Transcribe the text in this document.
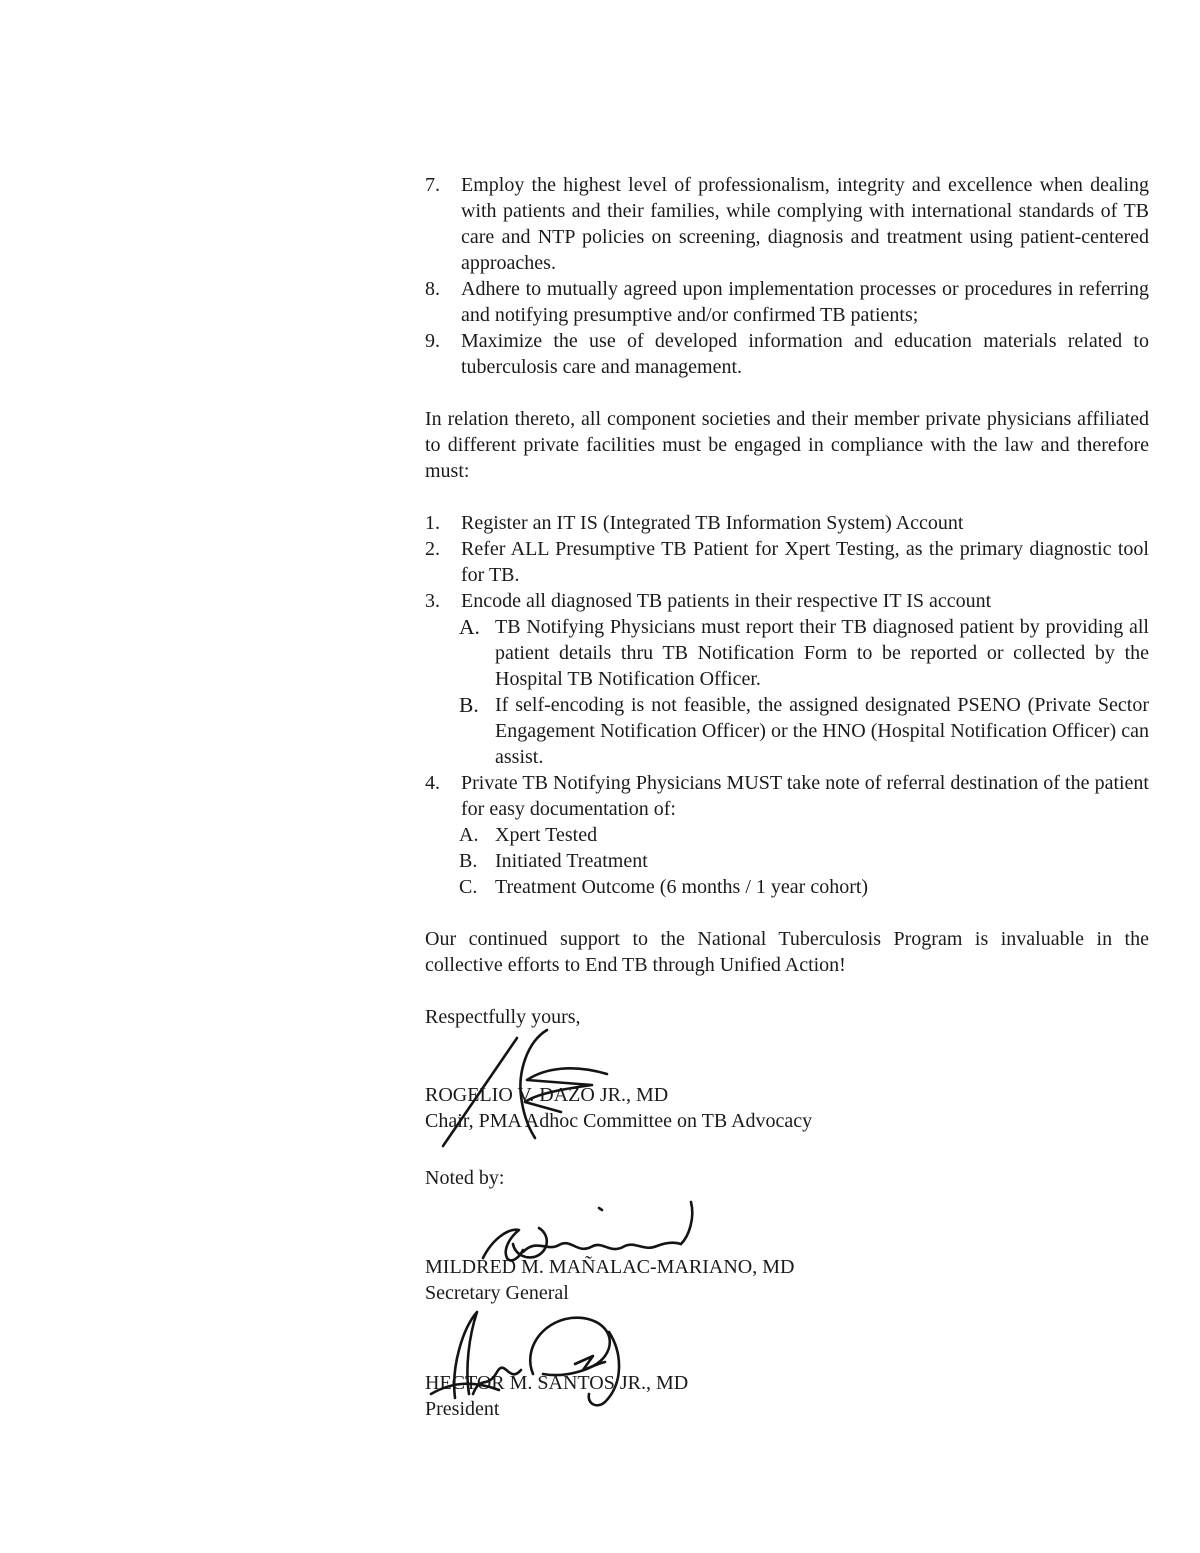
7.	Employ the highest level of professionalism, integrity and excellence when dealing with patients and their families, while complying with international standards of TB care and NTP policies on screening, diagnosis and treatment using patient-centered approaches.
8.	Adhere to mutually agreed upon implementation processes or procedures in referring and notifying presumptive and/or confirmed TB patients;
9.	Maximize the use of developed information and education materials related to tuberculosis care and management.

In relation thereto, all component societies and their member private physicians affiliated to different private facilities must be engaged in compliance with the law and therefore must:

1.	Register an IT IS (Integrated TB Information System) Account
2.	Refer ALL Presumptive TB Patient for Xpert Testing, as the primary diagnostic tool for TB.
3.	Encode all diagnosed TB patients in their respective IT IS account
A. TB Notifying Physicians must report their TB diagnosed patient by providing all patient details thru TB Notification Form to be reported or collected by the Hospital TB Notification Officer.
B. If self-encoding is not feasible, the assigned designated PSENO (Private Sector Engagement Notification Officer) or the HNO (Hospital Notification Officer) can assist.
4.	Private TB Notifying Physicians MUST take note of referral destination of the patient for easy documentation of:
A. Xpert Tested
B. Initiated Treatment
C. Treatment Outcome (6 months / 1 year cohort)

Our continued support to the National Tuberculosis Program is invaluable in the collective efforts to End TB through Unified Action!

Respectfully yours,

ROGELIO V. DAZO JR., MD
Chair, PMA Adhoc Committee on TB Advocacy

Noted by:

MILDRED M. MAÑALAC-MARIANO, MD
Secretary General
HECTOR M. SANTOS JR., MD
President
